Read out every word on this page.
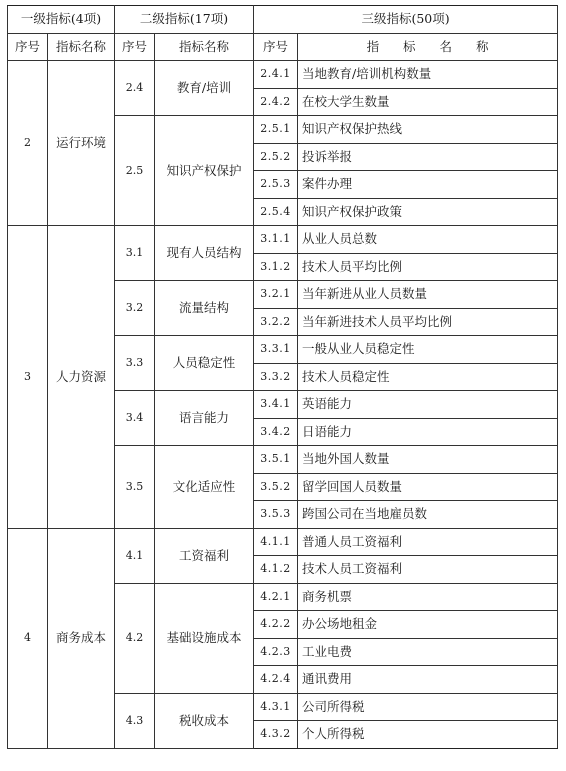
一级指标(4项)		二级指标(17项)		三级指标(50项)	
序号	指标名称	序号	指标名称	序号	指 标 名 称
2	运行环境	2.4	教育/培训	2.4.1	当地教育/培训机构数量
				2.4.2	在校大学生数量
		2.5	知识产权保护	2.5.1	知识产权保护热线
				2.5.2	投诉举报
				2.5.3	案件办理
				2.5.4	知识产权保护政策
3	人力资源	3.1	现有人员结构	3.1.1	从业人员总数
				3.1.2	技术人员平均比例
		3.2	流量结构	3.2.1	当年新进从业人员数量
				3.2.2	当年新进技术人员平均比例
		3.3	人员稳定性	3.3.1	一般从业人员稳定性
				3.3.2	技术人员稳定性
		3.4	语言能力	3.4.1	英语能力
				3.4.2	日语能力
		3.5	文化适应性	3.5.1	当地外国人数量
				3.5.2	留学回国人员数量
				3.5.3	跨国公司在当地雇员数
4	商务成本	4.1	工资福利	4.1.1	普通人员工资福利
				4.1.2	技术人员工资福利
		4.2	基础设施成本	4.2.1	商务机票
				4.2.2	办公场地租金
				4.2.3	工业电费
				4.2.4	通讯费用
		4.3	税收成本	4.3.1	公司所得税
				4.3.2	个人所得税
